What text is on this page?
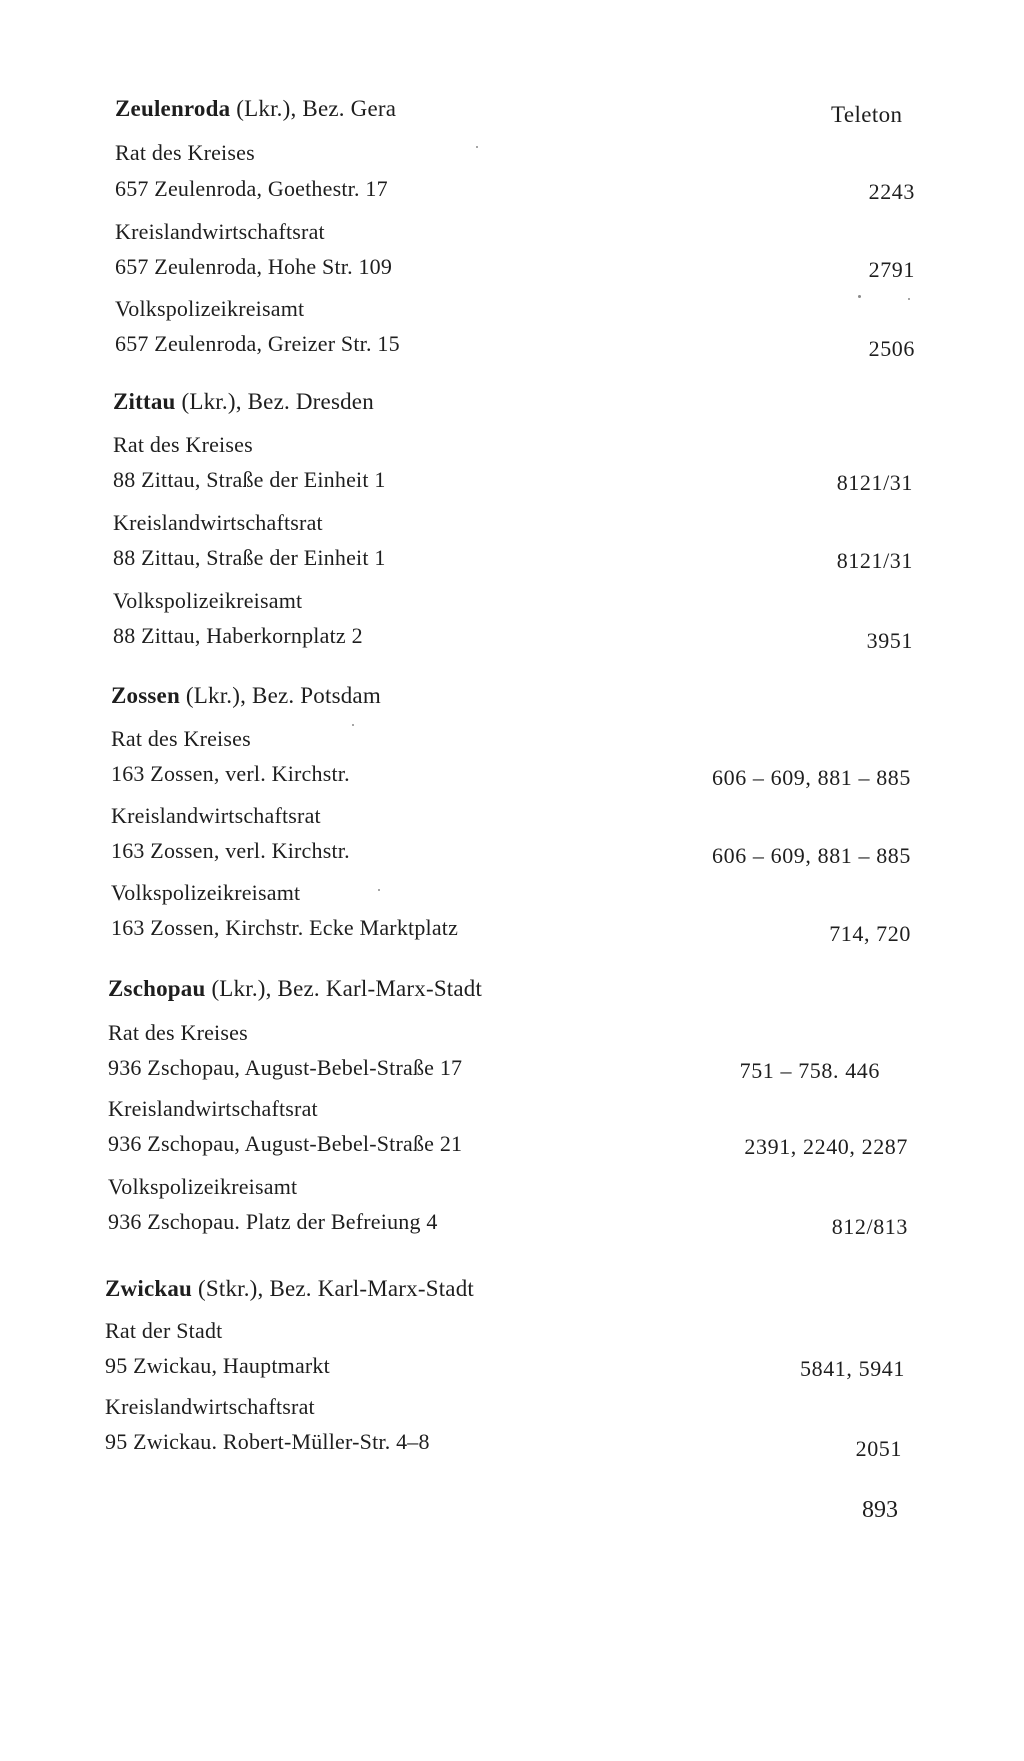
Teleton
Zeulenroda (Lkr.), Bez. Gera
Rat des Kreises
657 Zeulenroda, Goethestr. 17	2243
Kreislandwirtschaftsrat
657 Zeulenroda, Hohe Str. 109	2791
Volkspolizeikreisamt
657 Zeulenroda, Greizer Str. 15	2506
Zittau (Lkr.), Bez. Dresden
Rat des Kreises
88 Zittau, Straße der Einheit 1	8121/31
Kreislandwirtschaftsrat
88 Zittau, Straße der Einheit 1	8121/31
Volkspolizeikreisamt
88 Zittau, Haberkornplatz 2	3951
Zossen (Lkr.), Bez. Potsdam
Rat des Kreises
163 Zossen, verl. Kirchstr.	606 – 609, 881 – 885
Kreislandwirtschaftsrat
163 Zossen, verl. Kirchstr.	606 – 609, 881 – 885
Volkspolizeikreisamt
163 Zossen, Kirchstr. Ecke Marktplatz	714, 720
Zschopau (Lkr.), Bez. Karl-Marx-Stadt
Rat des Kreises
936 Zschopau, August-Bebel-Straße 17	751 – 758. 446
Kreislandwirtschaftsrat
936 Zschopau, August-Bebel-Straße 21	2391, 2240, 2287
Volkspolizeikreisamt
936 Zschopau. Platz der Befreiung 4	812/813
Zwickau (Stkr.), Bez. Karl-Marx-Stadt
Rat der Stadt
95 Zwickau, Hauptmarkt	5841, 5941
Kreislandwirtschaftsrat
95 Zwickau. Robert-Müller-Str. 4–8	2051
893
